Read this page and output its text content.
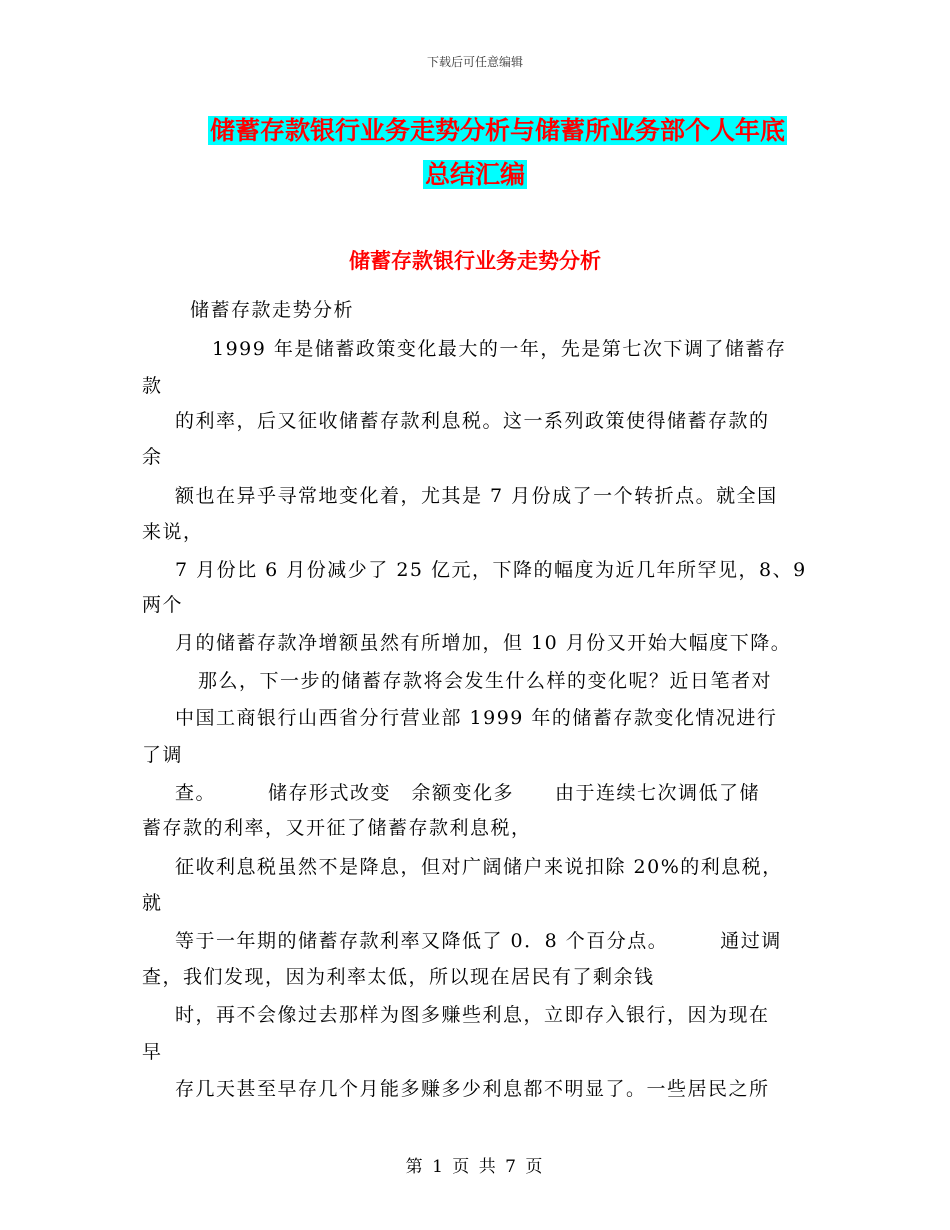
下载后可任意编辑
储蓄存款银行业务走势分析与储蓄所业务部个人年底
总结汇编
储蓄存款银行业务走势分析
储蓄存款走势分析
1999 年是储蓄政策变化最大的一年，先是第七次下调了储蓄存
款
的利率，后又征收储蓄存款利息税。这一系列政策使得储蓄存款的
余
额也在异乎寻常地变化着，尤其是 7 月份成了一个转折点。就全国
来说，
7 月份比 6 月份减少了 25 亿元，下降的幅度为近几年所罕见，8、9
两个
月的储蓄存款净增额虽然有所增加，但 10 月份又开始大幅度下降。
那么，下一步的储蓄存款将会发生什么样的变化呢？近日笔者对
中国工商银行山西省分行营业部 1999 年的储蓄存款变化情况进行
了调
查。　　　储存形式改变　余额变化多　　由于连续七次调低了储
蓄存款的利率，又开征了储蓄存款利息税，
征收利息税虽然不是降息，但对广阔储户来说扣除 20%的利息税，
就
等于一年期的储蓄存款利率又降低了 0．8 个百分点。　　　通过调
查，我们发现，因为利率太低，所以现在居民有了剩余钱
时，再不会像过去那样为图多赚些利息，立即存入银行，因为现在
早
存几天甚至早存几个月能多赚多少利息都不明显了。一些居民之所
第 1 页 共 7 页
